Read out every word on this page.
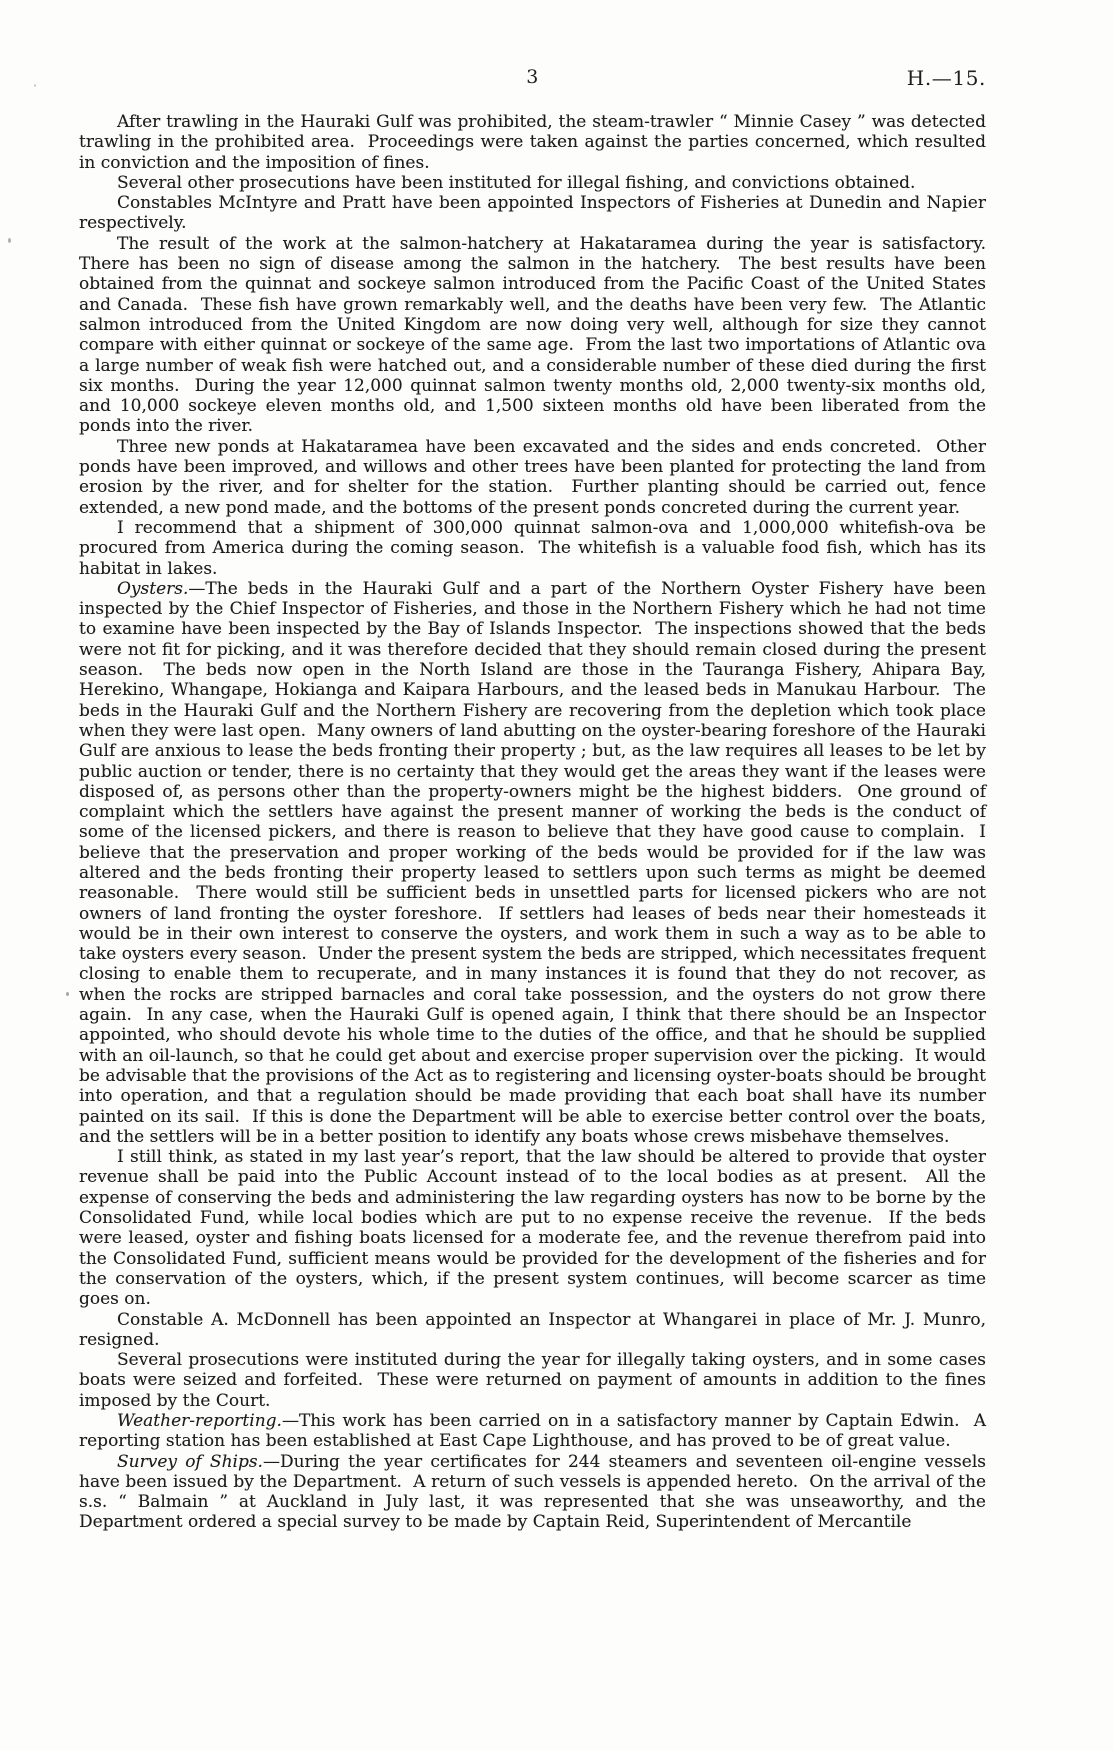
3	H.—15.

After trawling in the Hauraki Gulf was prohibited, the steam-trawler “ Minnie Casey ” was detected trawling in the prohibited area.  Proceedings were taken against the parties concerned, which resulted in conviction and the imposition of fines.

Several other prosecutions have been instituted for illegal fishing, and convictions obtained.

Constables McIntyre and Pratt have been appointed Inspectors of Fisheries at Dunedin and Napier respectively.

The result of the work at the salmon-hatchery at Hakataramea during the year is satisfactory.  There has been no sign of disease among the salmon in the hatchery.  The best results have been obtained from the quinnat and sockeye salmon introduced from the Pacific Coast of the United States and Canada.  These fish have grown remarkably well, and the deaths have been very few.  The Atlantic salmon introduced from the United Kingdom are now doing very well, although for size they cannot compare with either quinnat or sockeye of the same age.  From the last two importations of Atlantic ova a large number of weak fish were hatched out, and a considerable number of these died during the first six months.  During the year 12,000 quinnat salmon twenty months old, 2,000 twenty-six months old, and 10,000 sockeye eleven months old, and 1,500 sixteen months old have been liberated from the ponds into the river.

Three new ponds at Hakataramea have been excavated and the sides and ends concreted.  Other ponds have been improved, and willows and other trees have been planted for protecting the land from erosion by the river, and for shelter for the station.  Further planting should be carried out, fence extended, a new pond made, and the bottoms of the present ponds concreted during the current year.

I recommend that a shipment of 300,000 quinnat salmon-ova and 1,000,000 whitefish-ova be procured from America during the coming season.  The whitefish is a valuable food fish, which has its habitat in lakes.

Oysters.—The beds in the Hauraki Gulf and a part of the Northern Oyster Fishery have been inspected by the Chief Inspector of Fisheries, and those in the Northern Fishery which he had not time to examine have been inspected by the Bay of Islands Inspector.  The inspections showed that the beds were not fit for picking, and it was therefore decided that they should remain closed during the present season.  The beds now open in the North Island are those in the Tauranga Fishery, Ahipara Bay, Herekino, Whangape, Hokianga and Kaipara Harbours, and the leased beds in Manukau Harbour.  The beds in the Hauraki Gulf and the Northern Fishery are recovering from the depletion which took place when they were last open.  Many owners of land abutting on the oyster-bearing foreshore of the Hauraki Gulf are anxious to lease the beds fronting their property ; but, as the law requires all leases to be let by public auction or tender, there is no certainty that they would get the areas they want if the leases were disposed of, as persons other than the property-owners might be the highest bidders.  One ground of complaint which the settlers have against the present manner of working the beds is the conduct of some of the licensed pickers, and there is reason to believe that they have good cause to complain.  I believe that the preservation and proper working of the beds would be provided for if the law was altered and the beds fronting their property leased to settlers upon such terms as might be deemed reasonable.  There would still be sufficient beds in unsettled parts for licensed pickers who are not owners of land fronting the oyster foreshore.  If settlers had leases of beds near their homesteads it would be in their own interest to conserve the oysters, and work them in such a way as to be able to take oysters every season.  Under the present system the beds are stripped, which necessitates frequent closing to enable them to recuperate, and in many instances it is found that they do not recover, as when the rocks are stripped barnacles and coral take possession, and the oysters do not grow there again.  In any case, when the Hauraki Gulf is opened again, I think that there should be an Inspector appointed, who should devote his whole time to the duties of the office, and that he should be supplied with an oil-launch, so that he could get about and exercise proper supervision over the picking.  It would be advisable that the provisions of the Act as to registering and licensing oyster-boats should be brought into operation, and that a regulation should be made providing that each boat shall have its number painted on its sail.  If this is done the Department will be able to exercise better control over the boats, and the settlers will be in a better position to identify any boats whose crews misbehave themselves.

I still think, as stated in my last year’s report, that the law should be altered to provide that oyster revenue shall be paid into the Public Account instead of to the local bodies as at present.  All the expense of conserving the beds and administering the law regarding oysters has now to be borne by the Consolidated Fund, while local bodies which are put to no expense receive the revenue.  If the beds were leased, oyster and fishing boats licensed for a moderate fee, and the revenue therefrom paid into the Consolidated Fund, sufficient means would be provided for the development of the fisheries and for the conservation of the oysters, which, if the present system continues, will become scarcer as time goes on.

Constable A. McDonnell has been appointed an Inspector at Whangarei in place of Mr. J. Munro, resigned.

Several prosecutions were instituted during the year for illegally taking oysters, and in some cases boats were seized and forfeited.  These were returned on payment of amounts in addition to the fines imposed by the Court.

Weather-reporting.—This work has been carried on in a satisfactory manner by Captain Edwin.  A reporting station has been established at East Cape Lighthouse, and has proved to be of great value.

Survey of Ships.—During the year certificates for 244 steamers and seventeen oil-engine vessels have been issued by the Department.  A return of such vessels is appended hereto.  On the arrival of the s.s. “ Balmain ” at Auckland in July last, it was represented that she was unseaworthy, and the Department ordered a special survey to be made by Captain Reid, Superintendent of Mercantile
